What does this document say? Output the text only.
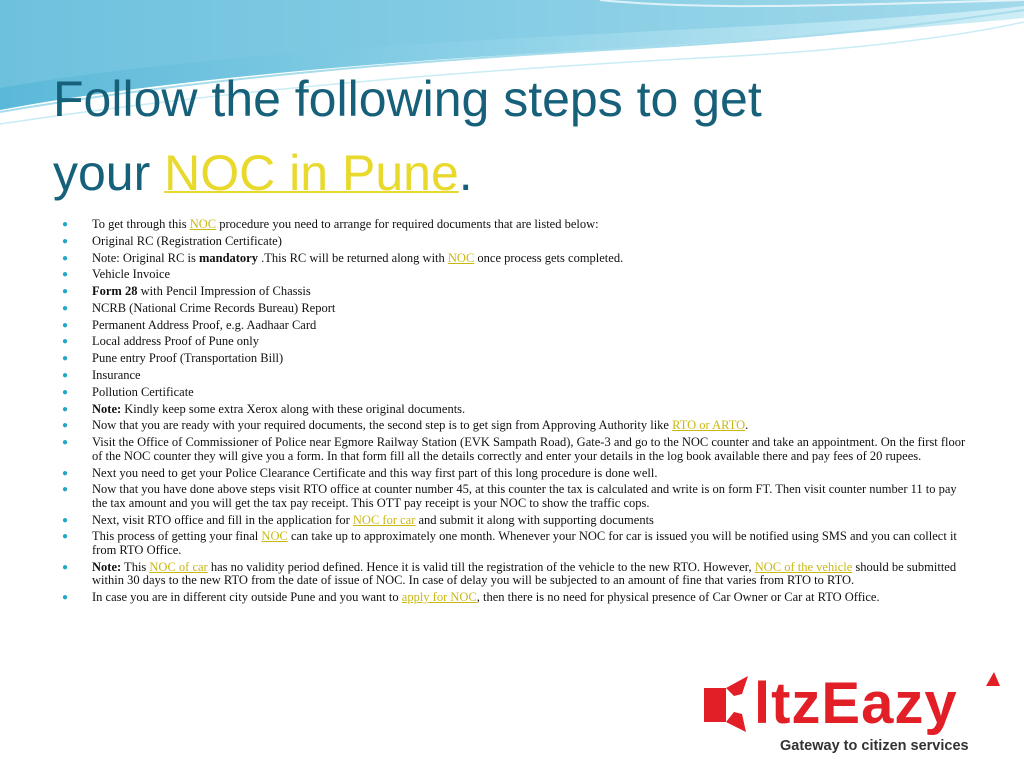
Follow the following steps to get
your NOC in Pune.
● To get through this NOC procedure you need to arrange for required documents that are listed below:
● Original RC (Registration Certificate)
● Note: Original RC is mandatory .This RC will be returned along with NOC once process gets completed.
● Vehicle Invoice
● Form 28 with Pencil Impression of Chassis
● NCRB (National Crime Records Bureau) Report
● Permanent Address Proof, e.g. Aadhaar Card
● Local address Proof of Pune only
● Pune entry Proof (Transportation Bill)
● Insurance
● Pollution Certificate
● Note: Kindly keep some extra Xerox along with these original documents.
● Now that you are ready with your required documents, the second step is to get sign from Approving Authority like RTO or ARTO.
● Visit the Office of Commissioner of Police near Egmore Railway Station (EVK Sampath Road), Gate-3 and go to the NOC counter and take an appointment. On the first floor of the NOC counter they will give you a form. In that form fill all the details correctly and enter your details in the log book available there and pay fees of 20 rupees.
● Next you need to get your Police Clearance Certificate and this way first part of this long procedure is done well.
● Now that you have done above steps visit RTO office at counter number 45, at this counter the tax is calculated and write is on form FT. Then visit counter number 11 to pay the tax amount and you will get the tax pay receipt. This OTT pay receipt is your NOC to show the traffic cops.
● Next, visit RTO office and fill in the application for NOC for car and submit it along with supporting documents
● This process of getting your final NOC can take up to approximately one month. Whenever your NOC for car is issued you will be notified using SMS and you can collect it from RTO Office.
● Note: This NOC of car has no validity period defined. Hence it is valid till the registration of the vehicle to the new RTO. However, NOC of the vehicle should be submitted within 30 days to the new RTO from the date of issue of NOC. In case of delay you will be subjected to an amount of fine that varies from RTO to RTO.
● In case you are in different city outside Pune and you want to apply for NOC, then there is no need for physical presence of Car Owner or Car at RTO Office.
ltzEazy
Gateway to citizen services
